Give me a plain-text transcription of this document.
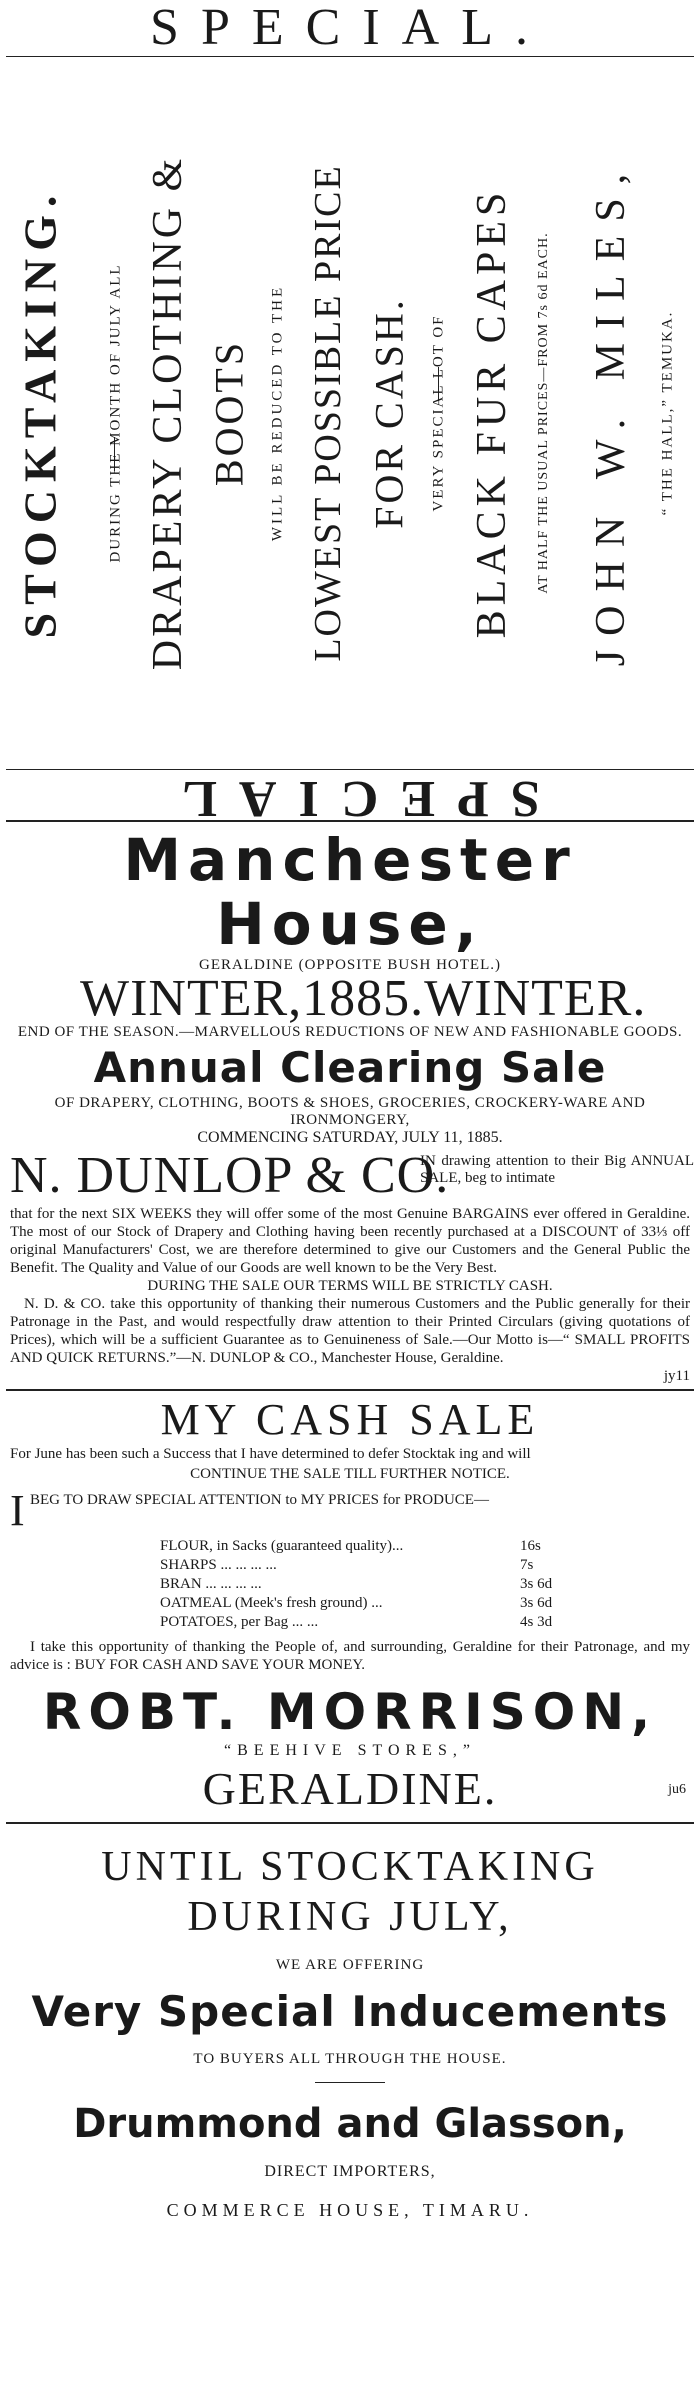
SPECIAL.
STOCKTAKING.	DURING THE MONTH OF JULY ALL DRAPERY CLOTHING & BOOTS WILL BE REDUCED TO THE LOWEST POSSIBLE PRICE FOR CASH. VERY SPECIAL LOT OF BLACK FUR CAPES AT HALF THE USUAL PRICES—FROM 7s 6d EACH. JOHN W. MILES, “ THE HALL,” TEMUKA.
SPECIAL
Manchester House,
GERALDINE (OPPOSITE BUSH HOTEL.)
WINTER, 1885. WINTER.
END OF THE SEASON.—MARVELLOUS REDUCTIONS OF NEW AND FASHIONABLE GOODS.
Annual Clearing Sale
OF DRAPERY, CLOTHING, BOOTS & SHOES, GROCERIES, CROCKERY-WARE AND IRONMONGERY,
COMMENCING SATURDAY, JULY 11, 1885.
N. DUNLOP & CO.
IN drawing attention to their Big ANNUAL SALE, beg to intimate
that for the next SIX WEEKS they will offer some of the most Genuine BARGAINS ever offered in Geraldine. The most of our Stock of Drapery and Clothing having been recently purchased at a DISCOUNT of 33⅓ off original Manufacturers' Cost, we are therefore determined to give our Customers and the General Public the Benefit. The Quality and Value of our Goods are well known to be the Very Best.
DURING THE SALE OUR TERMS WILL BE STRICTLY CASH.
N. D. & CO. take this opportunity of thanking their numerous Customers and the Public generally for their Patronage in the Past, and would respectfully draw attention to their Printed Circulars (giving quotations of Prices), which will be a sufficient Guarantee as to Genuineness of Sale.—Our Motto is—“ SMALL PROFITS AND QUICK RETURNS.”—N. DUNLOP & CO., Manchester House, Geraldine.
jy11
MY CASH SALE
For June has been such a Success that I have determined to defer Stocktak ing and will
CONTINUE THE SALE TILL FURTHER NOTICE.
I BEG TO DRAW SPECIAL ATTENTION to MY PRICES for PRODUCE—
FLOUR, in Sacks (guaranteed quality)...	16s
SHARPS ... ... ... ...	7s
BRAN ... ... ... ...	3s 6d
OATMEAL (Meek's fresh ground) ...	3s 6d
POTATOES, per Bag ... ...	4s 3d
I take this opportunity of thanking the People of, and surrounding, Geraldine for their Patronage, and my advice is : BUY FOR CASH AND SAVE YOUR MONEY.
ROBT. MORRISON,
“BEEHIVE STORES,”
GERALDINE.	ju6
UNTIL STOCKTAKING
DURING JULY,
WE ARE OFFERING
Very Special Inducements
TO BUYERS ALL THROUGH THE HOUSE.
Drummond and Glasson,
DIRECT IMPORTERS,
COMMERCE HOUSE, TIMARU.
